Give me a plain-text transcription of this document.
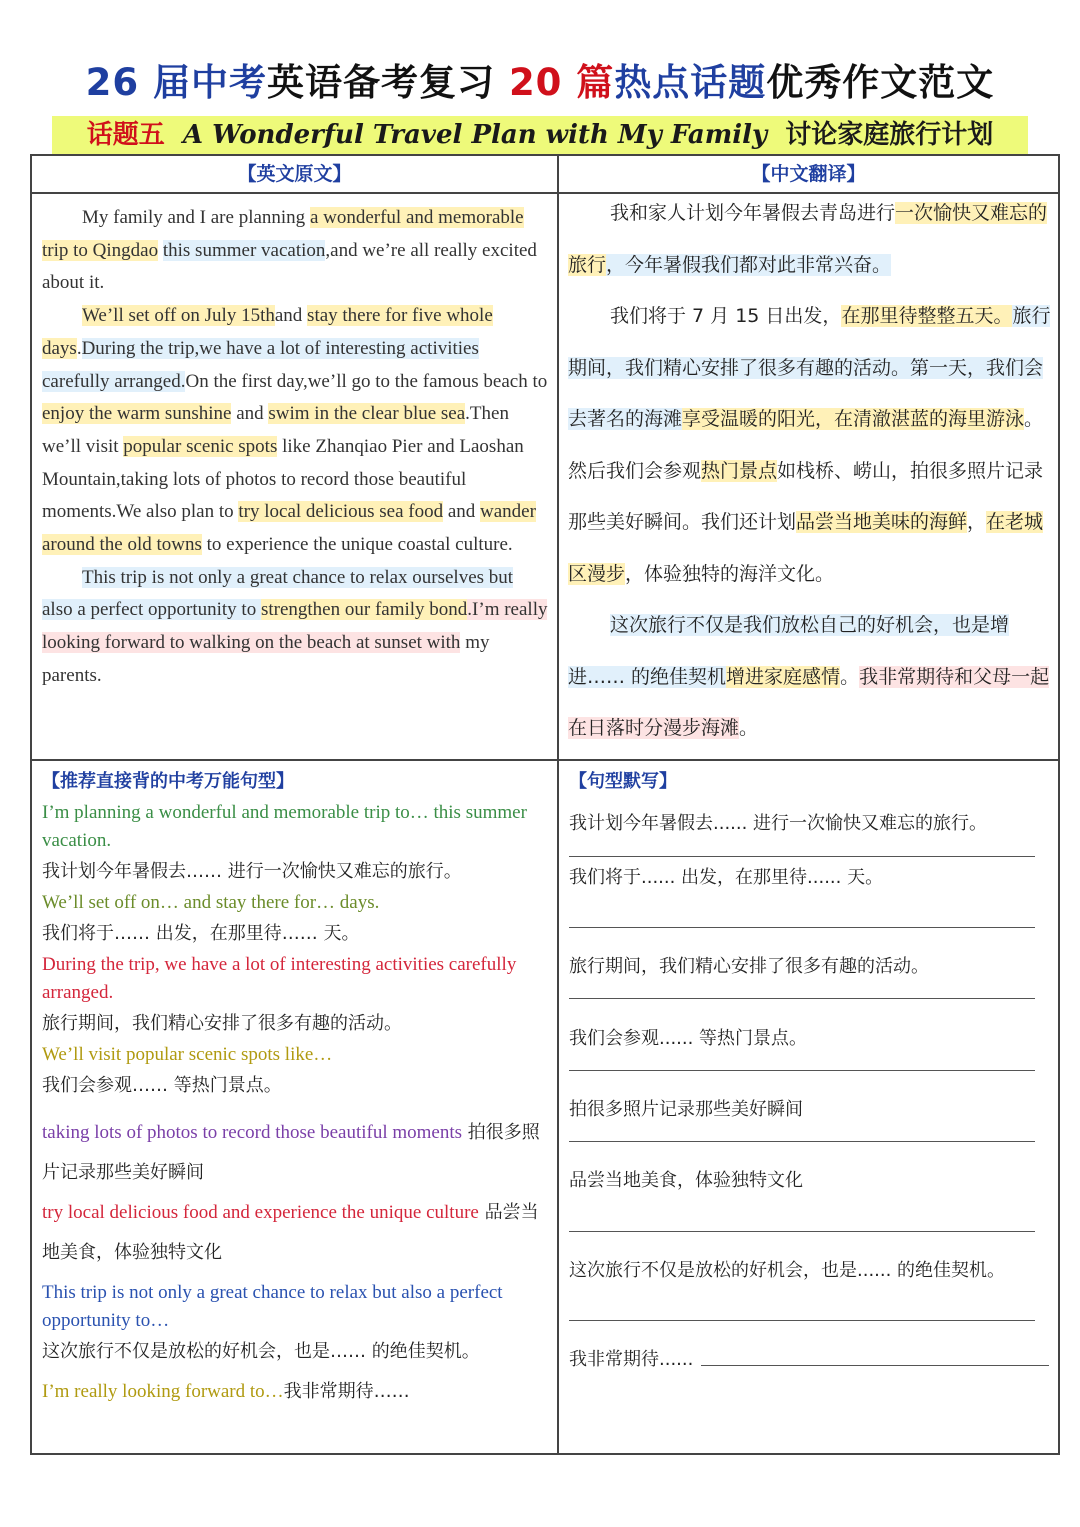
26 届中考英语备考复习 20 篇热点话题优秀作文范文
话题五 A Wonderful Travel Plan with My Family 讨论家庭旅行计划
【英文原文】	【中文翻译】

My family and I are planning a wonderful and memorable trip to Qingdao this summer vacation,and we’re all really excited about it.

We’ll set off on July 15thand stay there for five whole days.During the trip,we have a lot of interesting activities carefully arranged.On the first day,we’ll go to the famous beach to enjoy the warm sunshine and swim in the clear blue sea.Then we’ll visit popular scenic spots like Zhanqiao Pier and Laoshan Mountain,taking lots of photos to record those beautiful moments.We also plan to try local delicious sea food and wander around the old towns to experience the unique coastal culture.

This trip is not only a great chance to relax ourselves but also a perfect opportunity to strengthen our family bond.I’m really looking forward to walking on the beach at sunset with my parents.

我和家人计划今年暑假去青岛进行一次愉快又难忘的旅行，今年暑假我们都对此非常兴奋。

我们将于 7 月 15 日出发，在那里待整整五天。旅行期间，我们精心安排了很多有趣的活动。第一天，我们会去著名的海滩享受温暖的阳光，在清澈湛蓝的海里游泳。然后我们会参观热门景点如栈桥、崂山，拍很多照片记录那些美好瞬间。我们还计划品尝当地美味的海鲜，在老城区漫步，体验独特的海洋文化。

这次旅行不仅是我们放松自己的好机会，也是增进…… 的绝佳契机增进家庭感情。我非常期待和父母一起在日落时分漫步海滩。

【推荐直接背的中考万能句型】
I’m planning a wonderful and memorable trip to… this summer vacation.
我计划今年暑假去…… 进行一次愉快又难忘的旅行。
We’ll set off on… and stay there for… days.
我们将于…… 出发，在那里待…… 天。
During the trip, we have a lot of interesting activities carefully arranged.
旅行期间，我们精心安排了很多有趣的活动。
We’ll visit popular scenic spots like…
我们会参观…… 等热门景点。
taking lots of photos to record those beautiful moments 拍很多照片记录那些美好瞬间
try local delicious food and experience the unique culture 品尝当地美食，体验独特文化
This trip is not only a great chance to relax but also a perfect opportunity to…
这次旅行不仅是放松的好机会，也是…… 的绝佳契机。
I’m really looking forward to…我非常期待……
【句型默写】
我计划今年暑假去...... 进行一次愉快又难忘的旅行。
我们将于...... 出发，在那里待...... 天。
旅行期间，我们精心安排了很多有趣的活动。
我们会参观...... 等热门景点。
拍很多照片记录那些美好瞬间
品尝当地美食，体验独特文化
这次旅行不仅是放松的好机会，也是...... 的绝佳契机。
我非常期待......
